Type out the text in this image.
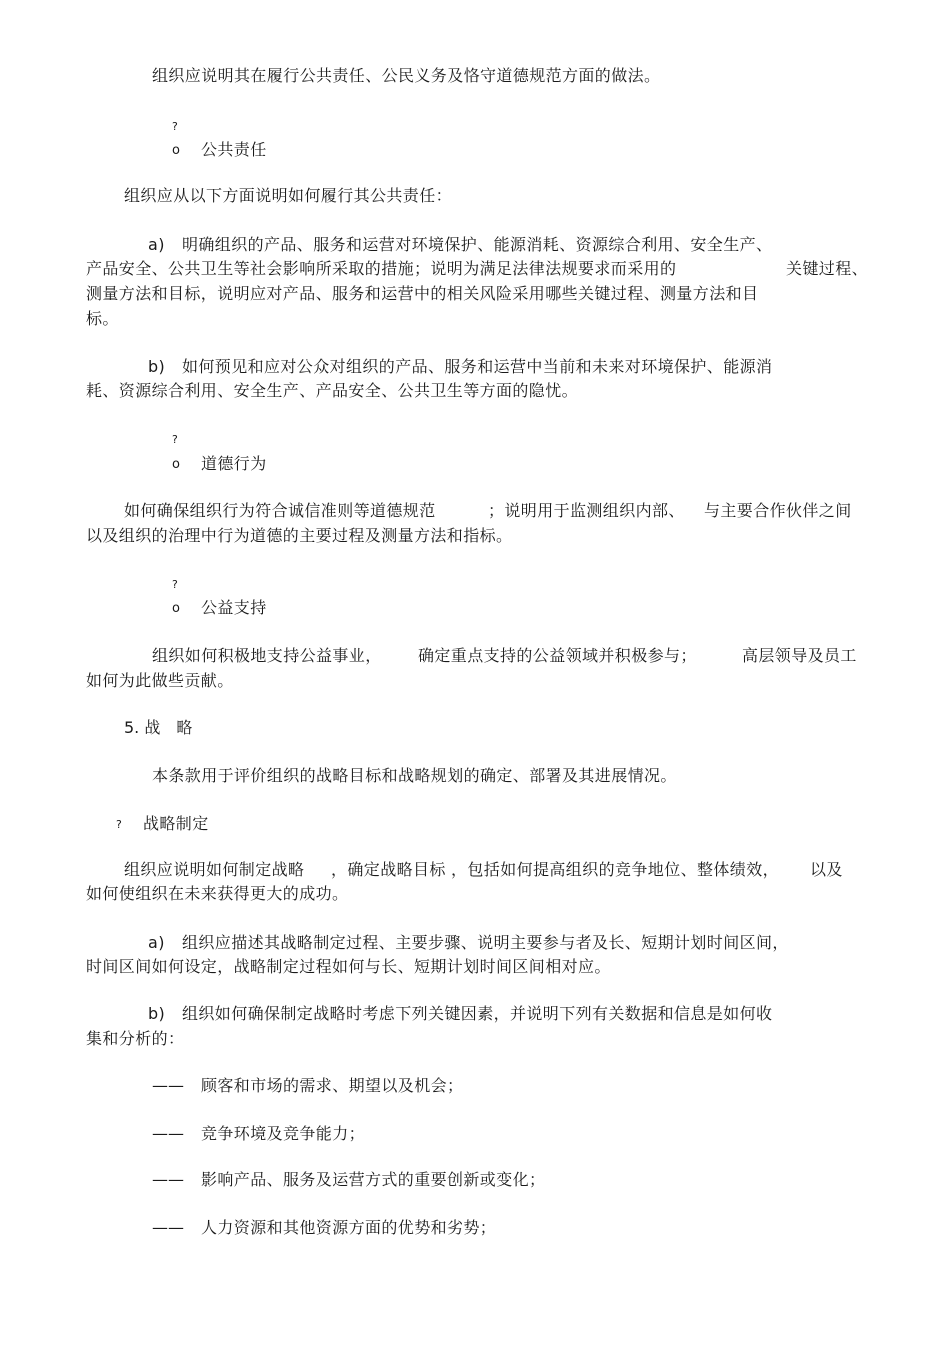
组织应说明其在履行公共责任、公民义务及恪守道德规范方面的做法。
?
o 公共责任
组织应从以下方面说明如何履行其公共责任：
a) 明确组织的产品、服务和运营对环境保护、能源消耗、资源综合利用、安全生产、
产品安全、公共卫生等社会影响所采取的措施；说明为满足法律法规要求而采用的	关键过程、
测量方法和目标，说明应对产品、服务和运营中的相关风险采用哪些关键过程、测量方法和目
标。
b) 如何预见和应对公众对组织的产品、服务和运营中当前和未来对环境保护、能源消
耗、资源综合利用、安全生产、产品安全、公共卫生等方面的隐忧。
?
o 道德行为
如何确保组织行为符合诚信准则等道德规范	；说明用于监测组织内部、 与主要合作伙伴之间
以及组织的治理中行为道德的主要过程及测量方法和指标。
?
o 公益支持
组织如何积极地支持公益事业， 确定重点支持的公益领域并积极参与；	高层领导及员工
如何为此做些贡献。
5. 战　略
本条款用于评价组织的战略目标和战略规划的确定、部署及其进展情况。
? 战略制定
组织应说明如何制定战略 ，确定战略目标 ，包括如何提高组织的竞争地位、整体绩效， 以及
如何使组织在未来获得更大的成功。
a) 组织应描述其战略制定过程、主要步骤、说明主要参与者及长、短期计划时间区间，
时间区间如何设定，战略制定过程如何与长、短期计划时间区间相对应。
b) 组织如何确保制定战略时考虑下列关键因素，并说明下列有关数据和信息是如何收
集和分析的：
—— 顾客和市场的需求、期望以及机会；
—— 竞争环境及竞争能力；
—— 影响产品、服务及运营方式的重要创新或变化；
—— 人力资源和其他资源方面的优势和劣势；
